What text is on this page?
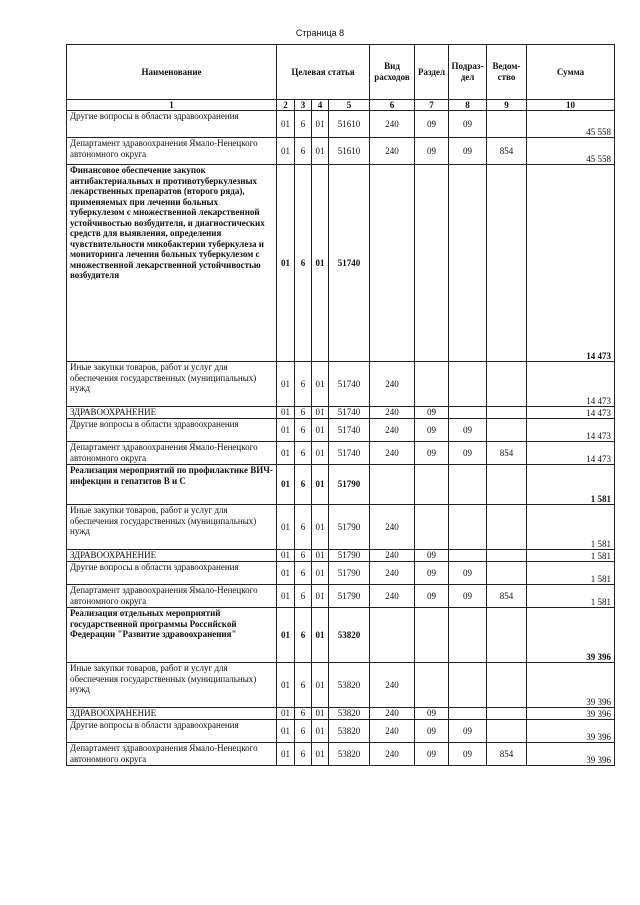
Страница 8
Наименование	Целевая статья				Вид расходов	Раздел	Подраз-дел	Ведом-ство	Сумма
1	2	3	4	5	6	7	8	9	10
Другие вопросы в области здравоохранения	01	6	01	51610	240	09	09		45 558
Департамент здравоохранения Ямало-Ненецкого автономного округа	01	6	01	51610	240	09	09	854	45 558
Финансовое обеспечение закупок антибактериальных и противотуберкулезных лекарственных препаратов (второго ряда), применяемых при лечении больных туберкулезом с множественной лекарственной устойчивостью возбудителя, и диагностических средств для выявления, определения чувствительности микобактерии туберкулеза и мониторинга лечения больных туберкулезом с множественной лекарственной устойчивостью возбудителя	01	6	01	51740					14 473
Иные закупки товаров, работ и услуг для обеспечения государственных (муниципальных) нужд	01	6	01	51740	240				14 473
ЗДРАВООХРАНЕНИЕ	01	6	01	51740	240	09			14 473
Другие вопросы в области здравоохранения	01	6	01	51740	240	09	09		14 473
Департамент здравоохранения Ямало-Ненецкого автономного округа	01	6	01	51740	240	09	09	854	14 473
Реализация мероприятий по профилактике ВИЧ-инфекции и гепатитов В и С	01	6	01	51790					1 581
Иные закупки товаров, работ и услуг для обеспечения государственных (муниципальных) нужд	01	6	01	51790	240				1 581
ЗДРАВООХРАНЕНИЕ	01	6	01	51790	240	09			1 581
Другие вопросы в области здравоохранения	01	6	01	51790	240	09	09		1 581
Департамент здравоохранения Ямало-Ненецкого автономного округа	01	6	01	51790	240	09	09	854	1 581
Реализация отдельных мероприятий государственной программы Российской Федерации "Развитие здравоохранения"	01	6	01	53820					39 396
Иные закупки товаров, работ и услуг для обеспечения государственных (муниципальных) нужд	01	6	01	53820	240				39 396
ЗДРАВООХРАНЕНИЕ	01	6	01	53820	240	09			39 396
Другие вопросы в области здравоохранения	01	6	01	53820	240	09	09		39 396
Департамент здравоохранения Ямало-Ненецкого автономного округа	01	6	01	53820	240	09	09	854	39 396
